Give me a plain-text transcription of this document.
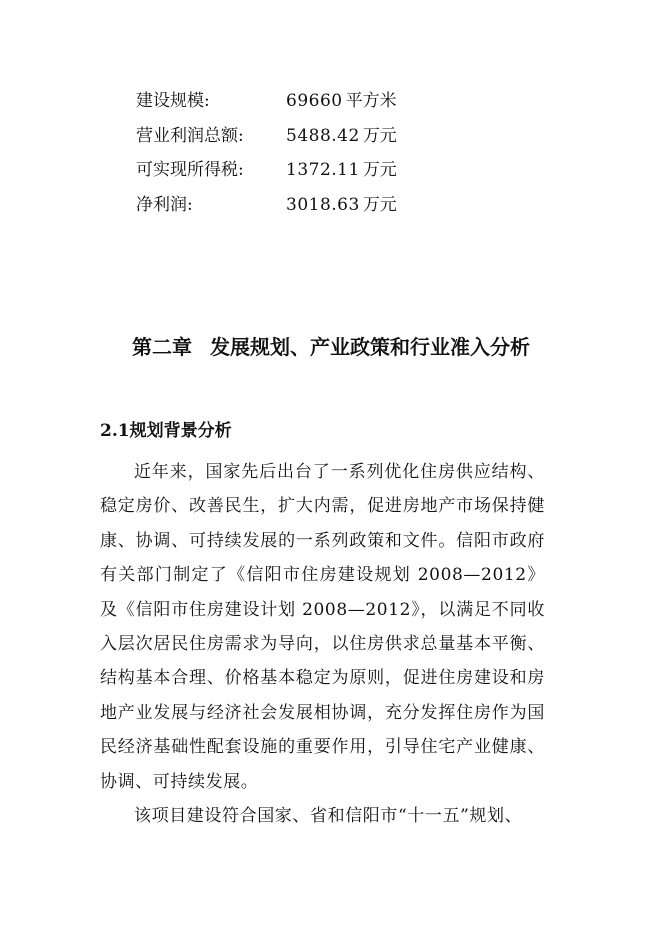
建设规模:	69660 平方米
营业利润总额: 5488.42 万元
可实现所得税: 1372.11 万元
净利润:	3018.63 万元
第二章 发展规划、产业政策和行业准入分析
2.1规划背景分析

近年来，国家先后出台了一系列优化住房供应结构、稳定房价、改善民生，扩大内需，促进房地产市场保持健康、协调、可持续发展的一系列政策和文件。信阳市政府有关部门制定了《信阳市住房建设规划 2008—2012》及《信阳市住房建设计划 2008—2012》，以满足不同收入层次居民住房需求为导向，以住房供求总量基本平衡、结构基本合理、价格基本稳定为原则，促进住房建设和房地产业发展与经济社会发展相协调，充分发挥住房作为国民经济基础性配套设施的重要作用，引导住宅产业健康、协调、可持续发展。

该项目建设符合国家、省和信阳市“十一五”规划、
